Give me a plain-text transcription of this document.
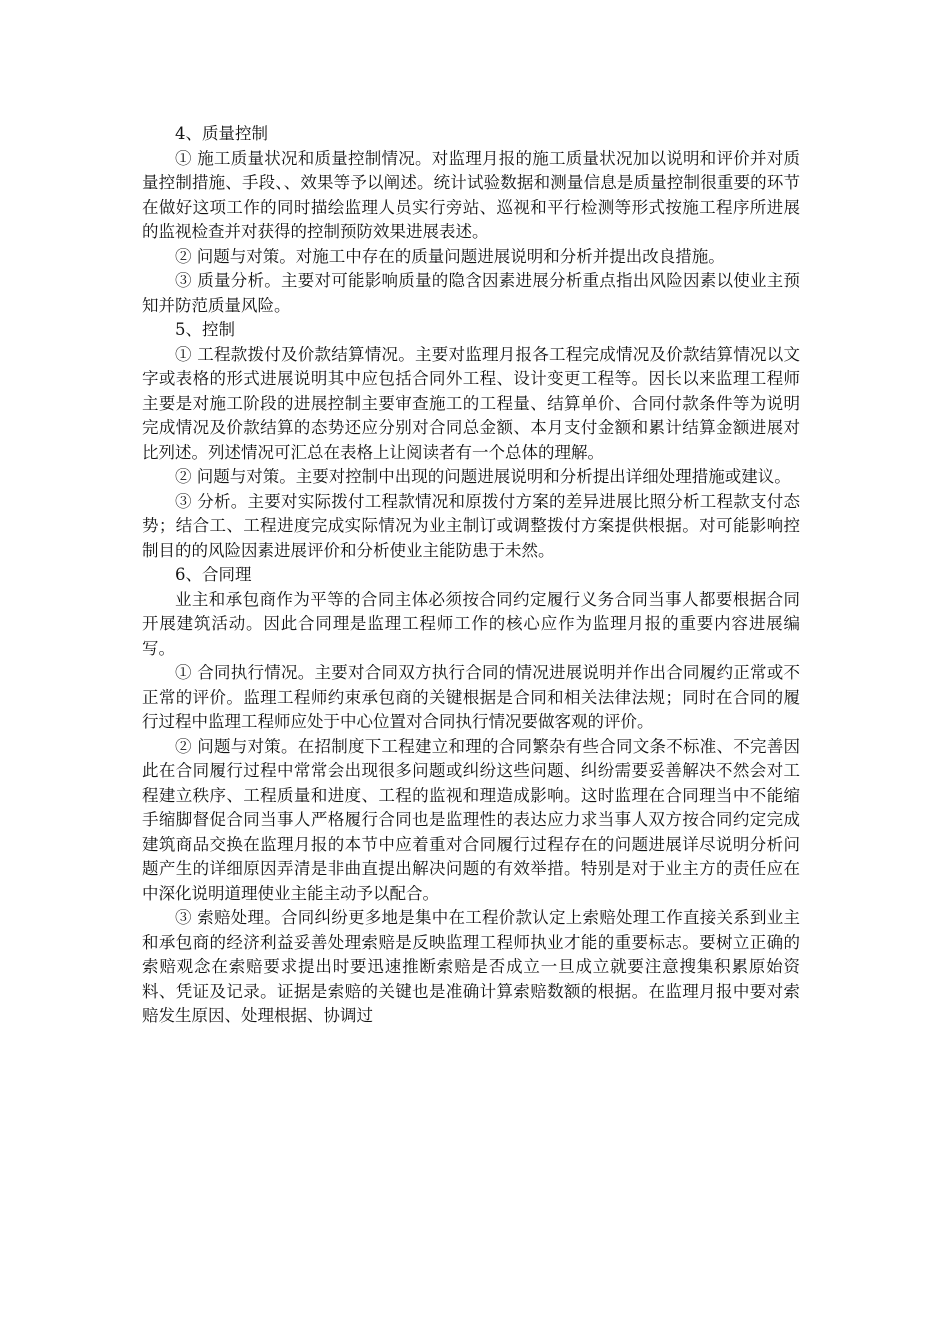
4、质量控制

① 施工质量状况和质量控制情况。对监理月报的施工质量状况加以说明和评价并对质量控制措施、手段、、效果等予以阐述。统计试验数据和测量信息是质量控制很重要的环节在做好这项工作的同时描绘监理人员实行旁站、巡视和平行检测等形式按施工程序所进展的监视检查并对获得的控制预防效果进展表述。

② 问题与对策。对施工中存在的质量问题进展说明和分析并提出改良措施。

③ 质量分析。主要对可能影响质量的隐含因素进展分析重点指出风险因素以使业主预知并防范质量风险。

5、控制

① 工程款拨付及价款结算情况。主要对监理月报各工程完成情况及价款结算情况以文字或表格的形式进展说明其中应包括合同外工程、设计变更工程等。因长以来监理工程师主要是对施工阶段的进展控制主要审查施工的工程量、结算单价、合同付款条件等为说明完成情况及价款结算的态势还应分别对合同总金额、本月支付金额和累计结算金额进展对比列述。列述情况可汇总在表格上让阅读者有一个总体的理解。

② 问题与对策。主要对控制中出现的问题进展说明和分析提出详细处理措施或建议。

③ 分析。主要对实际拨付工程款情况和原拨付方案的差异进展比照分析工程款支付态势；结合工、工程进度完成实际情况为业主制订或调整拨付方案提供根据。对可能影响控制目的的风险因素进展评价和分析使业主能防患于未然。

6、合同理

业主和承包商作为平等的合同主体必须按合同约定履行义务合同当事人都要根据合同开展建筑活动。因此合同理是监理工程师工作的核心应作为监理月报的重要内容进展编写。

① 合同执行情况。主要对合同双方执行合同的情况进展说明并作出合同履约正常或不正常的评价。监理工程师约束承包商的关键根据是合同和相关法律法规；同时在合同的履行过程中监理工程师应处于中心位置对合同执行情况要做客观的评价。

② 问题与对策。在招制度下工程建立和理的合同繁杂有些合同文条不标准、不完善因此在合同履行过程中常常会出现很多问题或纠纷这些问题、纠纷需要妥善解决不然会对工程建立秩序、工程质量和进度、工程的监视和理造成影响。这时监理在合同理当中不能缩手缩脚督促合同当事人严格履行合同也是监理性的表达应力求当事人双方按合同约定完成建筑商品交换在监理月报的本节中应着重对合同履行过程存在的问题进展详尽说明分析问题产生的详细原因弄清是非曲直提出解决问题的有效举措。特别是对于业主方的责任应在中深化说明道理使业主能主动予以配合。

③ 索赔处理。合同纠纷更多地是集中在工程价款认定上索赔处理工作直接关系到业主和承包商的经济利益妥善处理索赔是反映监理工程师执业才能的重要标志。要树立正确的索赔观念在索赔要求提出时要迅速推断索赔是否成立一旦成立就要注意搜集积累原始资料、凭证及记录。证据是索赔的关键也是准确计算索赔数额的根据。在监理月报中要对索赔发生原因、处理根据、协调过
